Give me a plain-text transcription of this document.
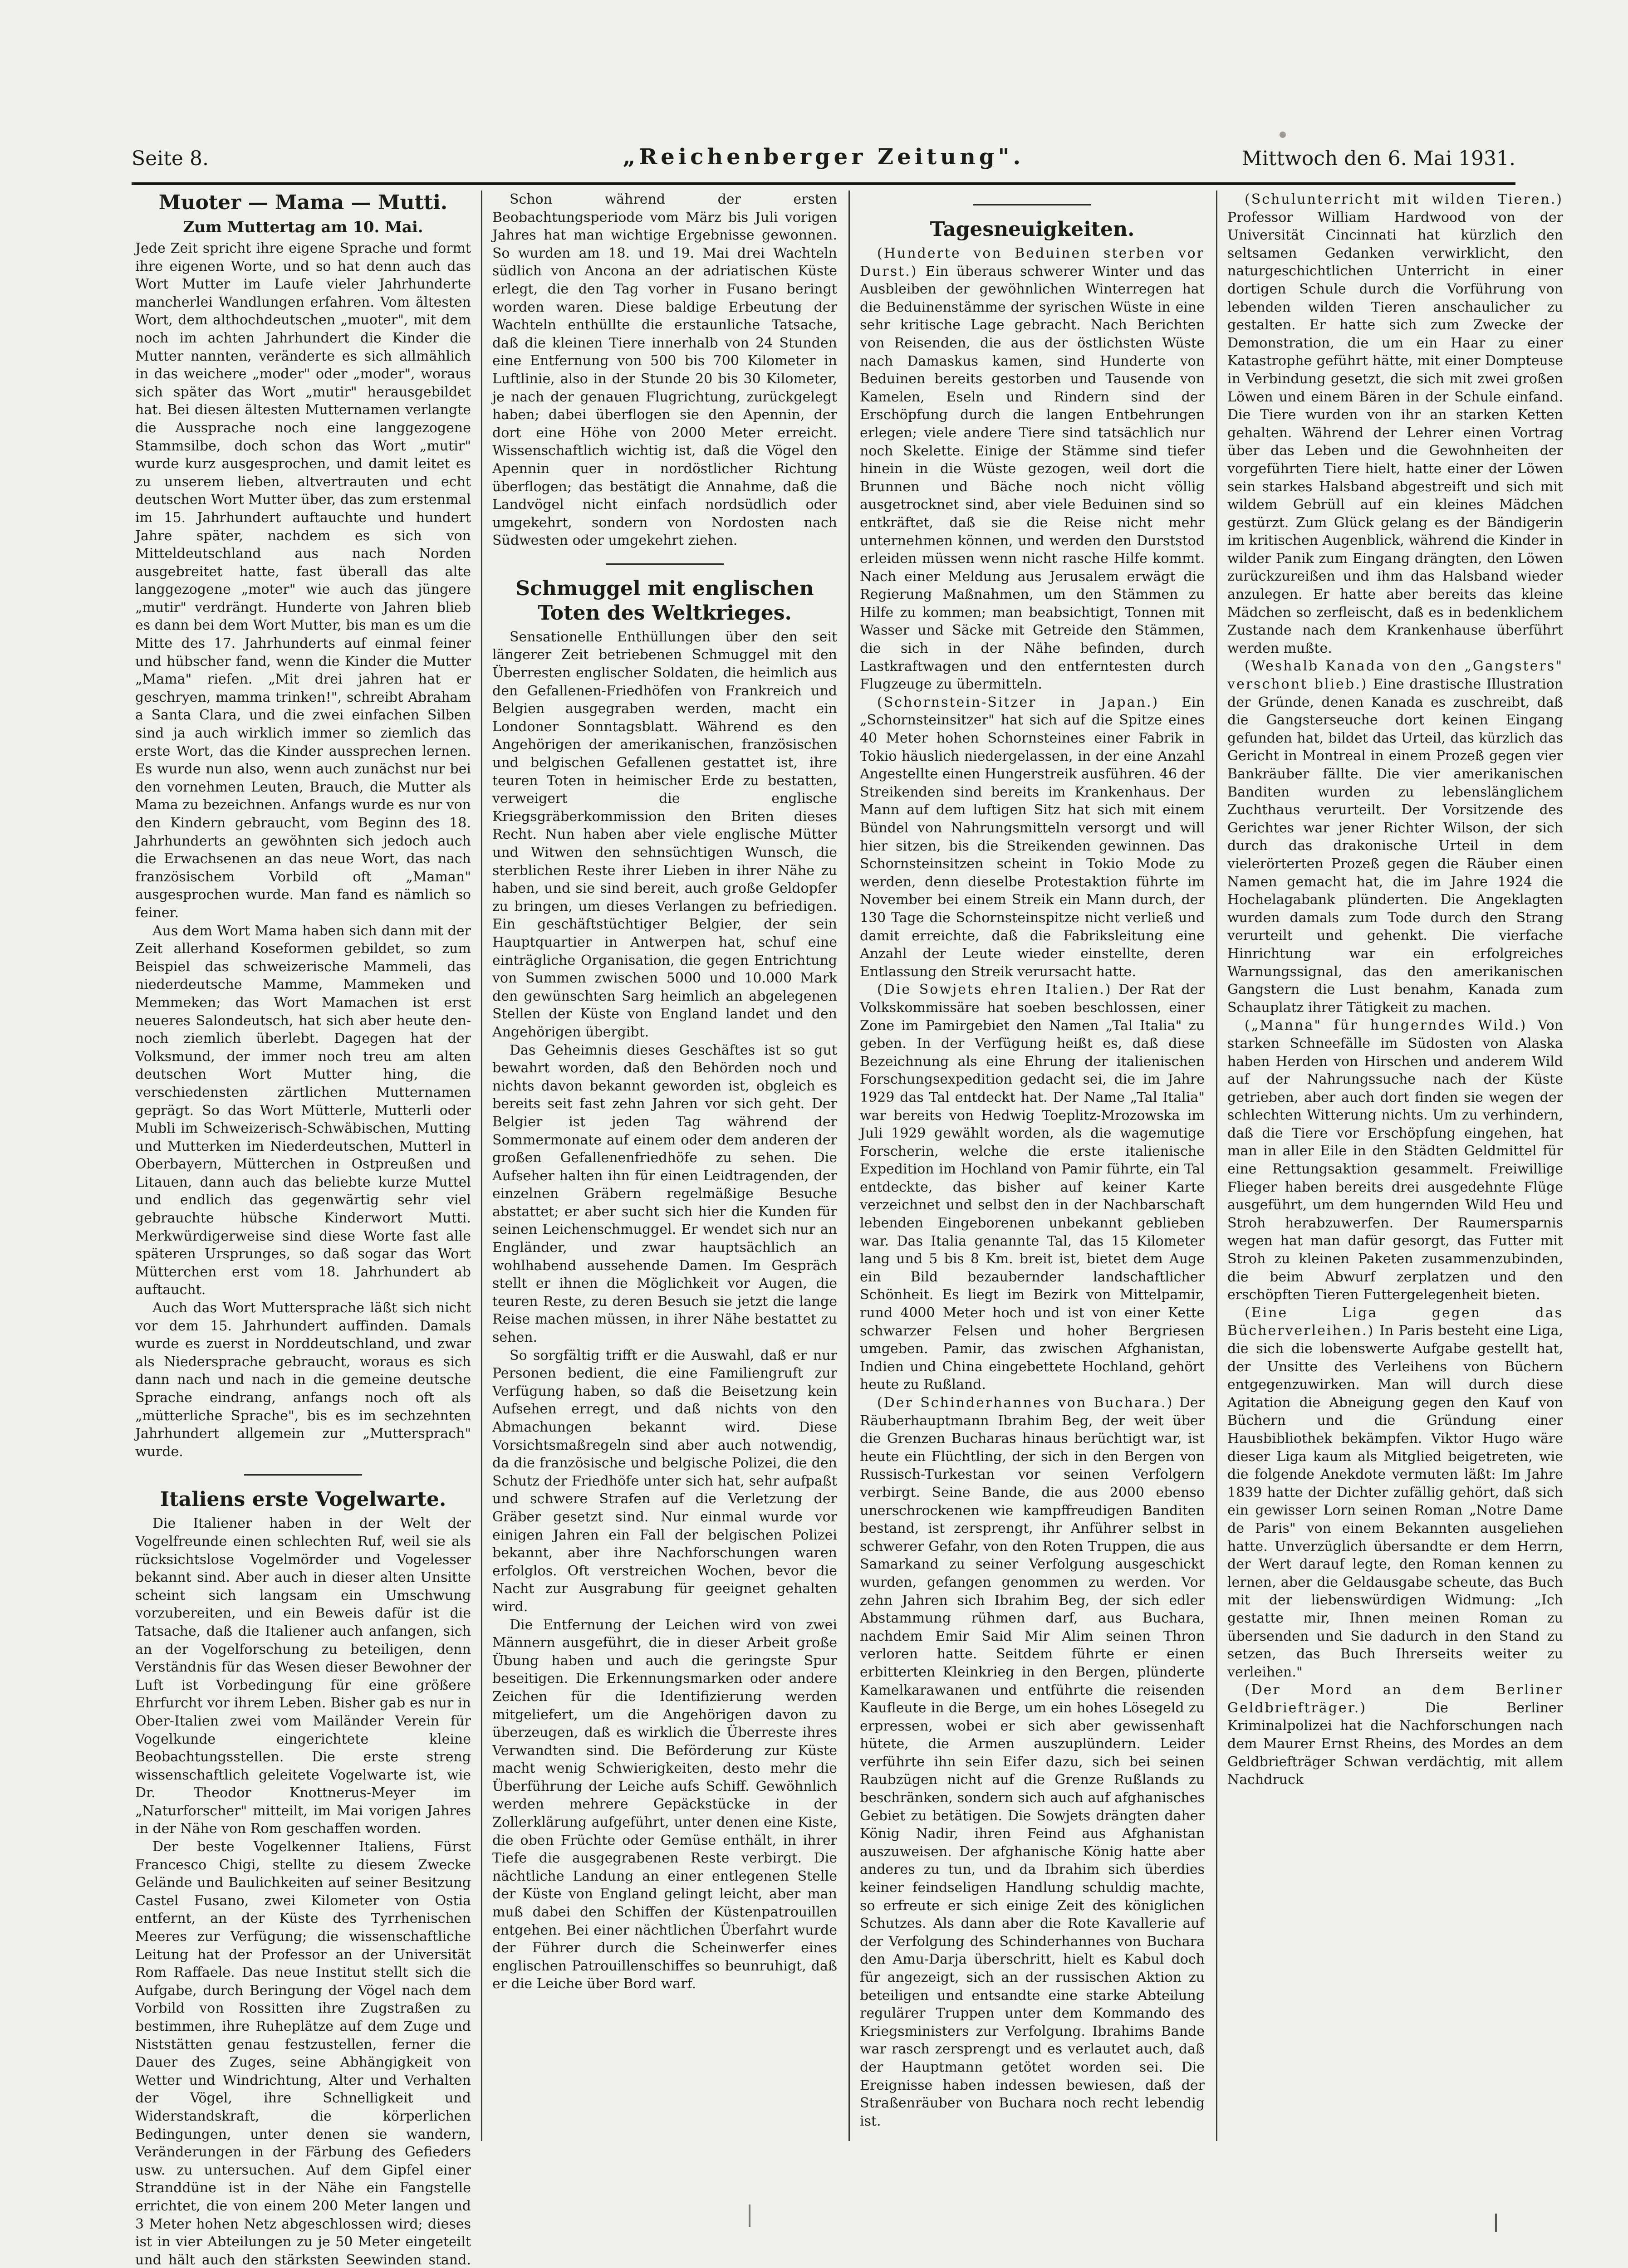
Seite 8.	„Reichenberger Zeitung".	Mittwoch den 6. Mai 1931.
Muoter — Mama — Mutti.
Zum Muttertag am 10. Mai.

Jede Zeit spricht ihre eigene Sprache und formt ihre eigenen Worte, und so hat denn auch das Wort Mutter im Laufe vieler Jahrhunderte mancherlei Wandlungen erfahren. Vom ältesten Wort, dem althochdeutschen „muoter", mit dem noch im achten Jahrhundert die Kinder die Mutter nannten, veränderte es sich allmählich in das weichere „moder" oder „moder", woraus sich später das Wort „mutir" herausgebildet hat. Bei diesen ältesten Mutternamen verlangte die Aussprache noch eine langgezogene Stammsilbe, doch schon das Wort „mutir" wurde kurz ausgesprochen, und damit leitet es zu unserem lieben, altvertrauten und echt deutschen Wort Mutter über, das zum erstenmal im 15. Jahrhundert auftauchte und hundert Jahre später, nachdem es sich von Mitteldeutschland aus nach Norden ausgebreitet hatte, fast überall das alte langgezogene „moter" wie auch das jüngere „mutir" verdrängt. Hunderte von Jahren blieb es dann bei dem Wort Mutter, bis man es um die Mitte des 17. Jahrhunderts auf einmal feiner und hübscher fand, wenn die Kinder die Mutter „Mama" riefen. „Mit drei jahren hat er geschryen, mamma trinken!", schreibt Abraham a Santa Clara, und die zwei einfachen Silben sind ja auch wirklich immer so ziemlich das erste Wort, das die Kinder aussprechen lernen. Es wurde nun also, wenn auch zunächst nur bei den vornehmen Leuten, Brauch, die Mutter als Mama zu bezeichnen. Anfangs wurde es nur von den Kindern gebraucht, vom Beginn des 18. Jahrhunderts an gewöhnten sich jedoch auch die Erwachsenen an das neue Wort, das nach französischem Vorbild oft „Maman" ausgesprochen wurde. Man fand es nämlich so feiner.

Aus dem Wort Mama haben sich dann mit der Zeit allerhand Koseformen gebildet, so zum Beispiel das schweizerische Mammeli, das niederdeutsche Mamme, Mammeken und Memmeken; das Wort Mamachen ist erst neueres Salondeutsch, hat sich aber heute den-noch ziemlich überlebt. Dagegen hat der Volksmund, der immer noch treu am alten deutschen Wort Mutter hing, die verschiedensten zärtlichen Mutternamen geprägt. So das Wort Mütterle, Mutterli oder Mubli im Schweizerisch-Schwäbischen, Mutting und Mutterken im Niederdeutschen, Mutterl in Oberbayern, Mütterchen in Ostpreußen und Litauen, dann auch das beliebte kurze Muttel und endlich das gegenwärtig sehr viel gebrauchte hübsche Kinderwort Mutti. Merkwürdigerweise sind diese Worte fast alle späteren Ursprunges, so daß sogar das Wort Mütterchen erst vom 18. Jahrhundert ab auftaucht.

Auch das Wort Muttersprache läßt sich nicht vor dem 15. Jahrhundert auffinden. Damals wurde es zuerst in Norddeutschland, und zwar als Niedersprache gebraucht, woraus es sich dann nach und nach in die gemeine deutsche Sprache eindrang, anfangs noch oft als „mütterliche Sprache", bis es im sechzehnten Jahrhundert allgemein zur „Muttersprach" wurde.

Italiens erste Vogelwarte.

Die Italiener haben in der Welt der Vogelfreunde einen schlechten Ruf, weil sie als rücksichtslose Vogelmörder und Vogelesser bekannt sind. Aber auch in dieser alten Unsitte scheint sich langsam ein Umschwung vorzubereiten, und ein Beweis dafür ist die Tatsache, daß die Italiener auch anfangen, sich an der Vogelforschung zu beteiligen, denn Verständnis für das Wesen dieser Bewohner der Luft ist Vorbedingung für eine größere Ehrfurcht vor ihrem Leben. Bisher gab es nur in Ober-Italien zwei vom Mailänder Verein für Vogelkunde eingerichtete kleine Beobachtungsstellen. Die erste streng wissenschaftlich geleitete Vogelwarte ist, wie Dr. Theodor Knottnerus-Meyer im „Naturforscher" mitteilt, im Mai vorigen Jahres in der Nähe von Rom geschaffen worden.

Der beste Vogelkenner Italiens, Fürst Francesco Chigi, stellte zu diesem Zwecke Gelände und Baulichkeiten auf seiner Besitzung Castel Fusano, zwei Kilometer von Ostia entfernt, an der Küste des Tyrrhenischen Meeres zur Verfügung; die wissenschaftliche Leitung hat der Professor an der Universität Rom Raffaele. Das neue Institut stellt sich die Aufgabe, durch Beringung der Vögel nach dem Vorbild von Rossitten ihre Zugstraßen zu bestimmen, ihre Ruheplätze auf dem Zuge und Niststätten genau festzustellen, ferner die Dauer des Zuges, seine Abhängigkeit von Wetter und Windrichtung, Alter und Verhalten der Vögel, ihre Schnelligkeit und Widerstandskraft, die körperlichen Bedingungen, unter denen sie wandern, Veränderungen in der Färbung des Gefieders usw. zu untersuchen. Auf dem Gipfel einer Stranddüne ist in der Nähe ein Fangstelle errichtet, die von einem 200 Meter langen und 3 Meter hohen Netz abgeschlossen wird; dieses ist in vier Abteilungen zu je 50 Meter eingeteilt und hält auch den stärksten Seewinden stand.

Schon während der ersten Beobachtungsperiode vom März bis Juli vorigen Jahres hat man wichtige Ergebnisse gewonnen. So wurden am 18. und 19. Mai drei Wachteln südlich von Ancona an der adriatischen Küste erlegt, die den Tag vorher in Fusano beringt worden waren. Diese baldige Erbeutung der Wachteln enthüllte die erstaunliche Tatsache, daß die kleinen Tiere innerhalb von 24 Stunden eine Entfernung von 500 bis 700 Kilometer in Luftlinie, also in der Stunde 20 bis 30 Kilometer, je nach der genauen Flugrichtung, zurückgelegt haben; dabei überflogen sie den Apennin, der dort eine Höhe von 2000 Meter erreicht. Wissenschaftlich wichtig ist, daß die Vögel den Apennin quer in nordöstlicher Richtung überflogen; das bestätigt die Annahme, daß die Landvögel nicht einfach nordsüdlich oder umgekehrt, sondern von Nordosten nach Südwesten oder umgekehrt ziehen.

Schmuggel mit englischen Toten des Weltkrieges.

Sensationelle Enthüllungen über den seit längerer Zeit betriebenen Schmuggel mit den Überresten englischer Soldaten, die heimlich aus den Gefallenen-Friedhöfen von Frankreich und Belgien ausgegraben werden, macht ein Londoner Sonntagsblatt. Während es den Angehörigen der amerikanischen, französischen und belgischen Gefallenen gestattet ist, ihre teuren Toten in heimischer Erde zu bestatten, verweigert die englische Kriegsgräberkommission den Briten dieses Recht. Nun haben aber viele englische Mütter und Witwen den sehnsüchtigen Wunsch, die sterblichen Reste ihrer Lieben in ihrer Nähe zu haben, und sie sind bereit, auch große Geldopfer zu bringen, um dieses Verlangen zu befriedigen. Ein geschäftstüchtiger Belgier, der sein Hauptquartier in Antwerpen hat, schuf eine einträgliche Organisation, die gegen Entrichtung von Summen zwischen 5000 und 10.000 Mark den gewünschten Sarg heimlich an abgelegenen Stellen der Küste von England landet und den Angehörigen übergibt.

Das Geheimnis dieses Geschäftes ist so gut bewahrt worden, daß den Behörden noch und nichts davon bekannt geworden ist, obgleich es bereits seit fast zehn Jahren vor sich geht. Der Belgier ist jeden Tag während der Sommermonate auf einem oder dem anderen der großen Gefallenenfriedhöfe zu sehen. Die Aufseher halten ihn für einen Leidtragenden, der einzelnen Gräbern regelmäßige Besuche abstattet; er aber sucht sich hier die Kunden für seinen Leichenschmuggel. Er wendet sich nur an Engländer, und zwar hauptsächlich an wohlhabend aussehende Damen. Im Gespräch stellt er ihnen die Möglichkeit vor Augen, die teuren Reste, zu deren Besuch sie jetzt die lange Reise machen müssen, in ihrer Nähe bestattet zu sehen.

So sorgfältig trifft er die Auswahl, daß er nur Personen bedient, die eine Familiengruft zur Verfügung haben, so daß die Beisetzung kein Aufsehen erregt, und daß nichts von den Abmachungen bekannt wird. Diese Vorsichtsmaßregeln sind aber auch notwendig, da die französische und belgische Polizei, die den Schutz der Friedhöfe unter sich hat, sehr aufpaßt und schwere Strafen auf die Verletzung der Gräber gesetzt sind. Nur einmal wurde vor einigen Jahren ein Fall der belgischen Polizei bekannt, aber ihre Nachforschungen waren erfolglos. Oft verstreichen Wochen, bevor die Nacht zur Ausgrabung für geeignet gehalten wird.

Die Entfernung der Leichen wird von zwei Männern ausgeführt, die in dieser Arbeit große Übung haben und auch die geringste Spur beseitigen. Die Erkennungsmarken oder andere Zeichen für die Identifizierung werden mitgeliefert, um die Angehörigen davon zu überzeugen, daß es wirklich die Überreste ihres Verwandten sind. Die Beförderung zur Küste macht wenig Schwierigkeiten, desto mehr die Überführung der Leiche aufs Schiff. Gewöhnlich werden mehrere Gepäckstücke in der Zollerklärung aufgeführt, unter denen eine Kiste, die oben Früchte oder Gemüse enthält, in ihrer Tiefe die ausgegrabenen Reste verbirgt. Die nächtliche Landung an einer entlegenen Stelle der Küste von England gelingt leicht, aber man muß dabei den Schiffen der Küstenpatrouillen entgehen. Bei einer nächtlichen Überfahrt wurde der Führer durch die Scheinwerfer eines englischen Patrouillenschiffes so beunruhigt, daß er die Leiche über Bord warf.

Tagesneuigkeiten.

(Hunderte von Beduinen sterben vor Durst.) Ein überaus schwerer Winter und das Ausbleiben der gewöhnlichen Winterregen hat die Beduinenstämme der syrischen Wüste in eine sehr kritische Lage gebracht. Nach Berichten von Reisenden, die aus der östlichsten Wüste nach Damaskus kamen, sind Hunderte von Beduinen bereits gestorben und Tausende von Kamelen, Eseln und Rindern sind der Erschöpfung durch die langen Entbehrungen erlegen; viele andere Tiere sind tatsächlich nur noch Skelette. Einige der Stämme sind tiefer hinein in die Wüste gezogen, weil dort die Brunnen und Bäche noch nicht völlig ausgetrocknet sind, aber viele Beduinen sind so entkräftet, daß sie die Reise nicht mehr unternehmen können, und werden den Durststod erleiden müssen wenn nicht rasche Hilfe kommt. Nach einer Meldung aus Jerusalem erwägt die Regierung Maßnahmen, um den Stämmen zu Hilfe zu kommen; man beabsichtigt, Tonnen mit Wasser und Säcke mit Getreide den Stämmen, die sich in der Nähe befinden, durch Lastkraftwagen und den entferntesten durch Flugzeuge zu übermitteln.

(Schornstein-Sitzer in Japan.) Ein „Schornsteinsitzer" hat sich auf die Spitze eines 40 Meter hohen Schornsteines einer Fabrik in Tokio häuslich niedergelassen, in der eine Anzahl Angestellte einen Hungerstreik ausführen. 46 der Streikenden sind bereits im Krankenhaus. Der Mann auf dem luftigen Sitz hat sich mit einem Bündel von Nahrungsmitteln versorgt und will hier sitzen, bis die Streikenden gewinnen. Das Schornsteinsitzen scheint in Tokio Mode zu werden, denn dieselbe Protestaktion führte im November bei einem Streik ein Mann durch, der 130 Tage die Schornsteinspitze nicht verließ und damit erreichte, daß die Fabriksleitung eine Anzahl der Leute wieder einstellte, deren Entlassung den Streik verursacht hatte.

(Die Sowjets ehren Italien.) Der Rat der Volkskommissäre hat soeben beschlossen, einer Zone im Pamirgebiet den Namen „Tal Italia" zu geben. In der Verfügung heißt es, daß diese Bezeichnung als eine Ehrung der italienischen Forschungsexpedition gedacht sei, die im Jahre 1929 das Tal entdeckt hat. Der Name „Tal Italia" war bereits von Hedwig Toeplitz-Mrozowska im Juli 1929 gewählt worden, als die wagemutige Forscherin, welche die erste italienische Expedition im Hochland von Pamir führte, ein Tal entdeckte, das bisher auf keiner Karte verzeichnet und selbst den in der Nachbarschaft lebenden Eingeborenen unbekannt geblieben war. Das Italia genannte Tal, das 15 Kilometer lang und 5 bis 8 Km. breit ist, bietet dem Auge ein Bild bezaubernder landschaftlicher Schönheit. Es liegt im Bezirk von Mittelpamir, rund 4000 Meter hoch und ist von einer Kette schwarzer Felsen und hoher Bergriesen umgeben. Pamir, das zwischen Afghanistan, Indien und China eingebettete Hochland, gehört heute zu Rußland.

(Der Schinderhannes von Buchara.) Der Räuberhauptmann Ibrahim Beg, der weit über die Grenzen Bucharas hinaus berüchtigt war, ist heute ein Flüchtling, der sich in den Bergen von Russisch-Turkestan vor seinen Verfolgern verbirgt. Seine Bande, die aus 2000 ebenso unerschrockenen wie kampffreudigen Banditen bestand, ist zersprengt, ihr Anführer selbst in schwerer Gefahr, von den Roten Truppen, die aus Samarkand zu seiner Verfolgung ausgeschickt wurden, gefangen genommen zu werden. Vor zehn Jahren sich Ibrahim Beg, der sich edler Abstammung rühmen darf, aus Buchara, nachdem Emir Said Mir Alim seinen Thron verloren hatte. Seitdem führte er einen erbitterten Kleinkrieg in den Bergen, plünderte Kamelkarawanen und entführte die reisenden Kaufleute in die Berge, um ein hohes Lösegeld zu erpressen, wobei er sich aber gewissenhaft hütete, die Armen auszuplündern. Leider verführte ihn sein Eifer dazu, sich bei seinen Raubzügen nicht auf die Grenze Rußlands zu beschränken, sondern sich auch auf afghanisches Gebiet zu betätigen. Die Sowjets drängten daher König Nadir, ihren Feind aus Afghanistan auszuweisen. Der afghanische König hatte aber anderes zu tun, und da Ibrahim sich überdies keiner feindseligen Handlung schuldig machte, so erfreute er sich einige Zeit des königlichen Schutzes. Als dann aber die Rote Kavallerie auf der Verfolgung des Schinderhannes von Buchara den Amu-Darja überschritt, hielt es Kabul doch für angezeigt, sich an der russischen Aktion zu beteiligen und entsandte eine starke Abteilung regulärer Truppen unter dem Kommando des Kriegsministers zur Verfolgung. Ibrahims Bande war rasch zersprengt und es verlautet auch, daß der Hauptmann getötet worden sei. Die Ereignisse haben indessen bewiesen, daß der Straßenräuber von Buchara noch recht lebendig ist.

(Schulunterricht mit wilden Tieren.) Professor William Hardwood von der Universität Cincinnati hat kürzlich den seltsamen Gedanken verwirklicht, den naturgeschichtlichen Unterricht in einer dortigen Schule durch die Vorführung von lebenden wilden Tieren anschaulicher zu gestalten. Er hatte sich zum Zwecke der Demonstration, die um ein Haar zu einer Katastrophe geführt hätte, mit einer Dompteuse in Verbindung gesetzt, die sich mit zwei großen Löwen und einem Bären in der Schule einfand. Die Tiere wurden von ihr an starken Ketten gehalten. Während der Lehrer einen Vortrag über das Leben und die Gewohnheiten der vorgeführten Tiere hielt, hatte einer der Löwen sein starkes Halsband abgestreift und sich mit wildem Gebrüll auf ein kleines Mädchen gestürzt. Zum Glück gelang es der Bändigerin im kritischen Augenblick, während die Kinder in wilder Panik zum Eingang drängten, den Löwen zurückzureißen und ihm das Halsband wieder anzulegen. Er hatte aber bereits das kleine Mädchen so zerfleischt, daß es in bedenklichem Zustande nach dem Krankenhause überführt werden mußte.

(Weshalb Kanada von den „Gangsters" verschont blieb.) Eine drastische Illustration der Gründe, denen Kanada es zuschreibt, daß die Gangsterseuche dort keinen Eingang gefunden hat, bildet das Urteil, das kürzlich das Gericht in Montreal in einem Prozeß gegen vier Bankräuber fällte. Die vier amerikanischen Banditen wurden zu lebenslänglichem Zuchthaus verurteilt. Der Vorsitzende des Gerichtes war jener Richter Wilson, der sich durch das drakonische Urteil in dem vielerörterten Prozeß gegen die Räuber einen Namen gemacht hat, die im Jahre 1924 die Hochelagabank plünderten. Die Angeklagten wurden damals zum Tode durch den Strang verurteilt und gehenkt. Die vierfache Hinrichtung war ein erfolgreiches Warnungssignal, das den amerikanischen Gangstern die Lust benahm, Kanada zum Schauplatz ihrer Tätigkeit zu machen.

(„Manna" für hungerndes Wild.) Von starken Schneefälle im Südosten von Alaska haben Herden von Hirschen und anderem Wild auf der Nahrungssuche nach der Küste getrieben, aber auch dort finden sie wegen der schlechten Witterung nichts. Um zu verhindern, daß die Tiere vor Erschöpfung eingehen, hat man in aller Eile in den Städten Geldmittel für eine Rettungsaktion gesammelt. Freiwillige Flieger haben bereits drei ausgedehnte Flüge ausgeführt, um dem hungernden Wild Heu und Stroh herabzuwerfen. Der Raumersparnis wegen hat man dafür gesorgt, das Futter mit Stroh zu kleinen Paketen zusammenzubinden, die beim Abwurf zerplatzen und den erschöpften Tieren Futtergelegenheit bieten.

(Eine Liga gegen das Bücherverleihen.) In Paris besteht eine Liga, die sich die lobenswerte Aufgabe gestellt hat, der Unsitte des Verleihens von Büchern entgegenzuwirken. Man will durch diese Agitation die Abneigung gegen den Kauf von Büchern und die Gründung einer Hausbibliothek bekämpfen. Viktor Hugo wäre dieser Liga kaum als Mitglied beigetreten, wie die folgende Anekdote vermuten läßt: Im Jahre 1839 hatte der Dichter zufällig gehört, daß sich ein gewisser Lorn seinen Roman „Notre Dame de Paris" von einem Bekannten ausgeliehen hatte. Unverzüglich übersandte er dem Herrn, der Wert darauf legte, den Roman kennen zu lernen, aber die Geldausgabe scheute, das Buch mit der liebenswürdigen Widmung: „Ich gestatte mir, Ihnen meinen Roman zu übersenden und Sie dadurch in den Stand zu setzen, das Buch Ihrerseits weiter zu verleihen."

(Der Mord an dem Berliner Geldbriefträger.)	Die Berliner Kriminalpolizei hat die Nachforschungen nach dem Maurer Ernst Rheins, des Mordes an dem Geldbriefträger Schwan verdächtig, mit allem Nachdruck
